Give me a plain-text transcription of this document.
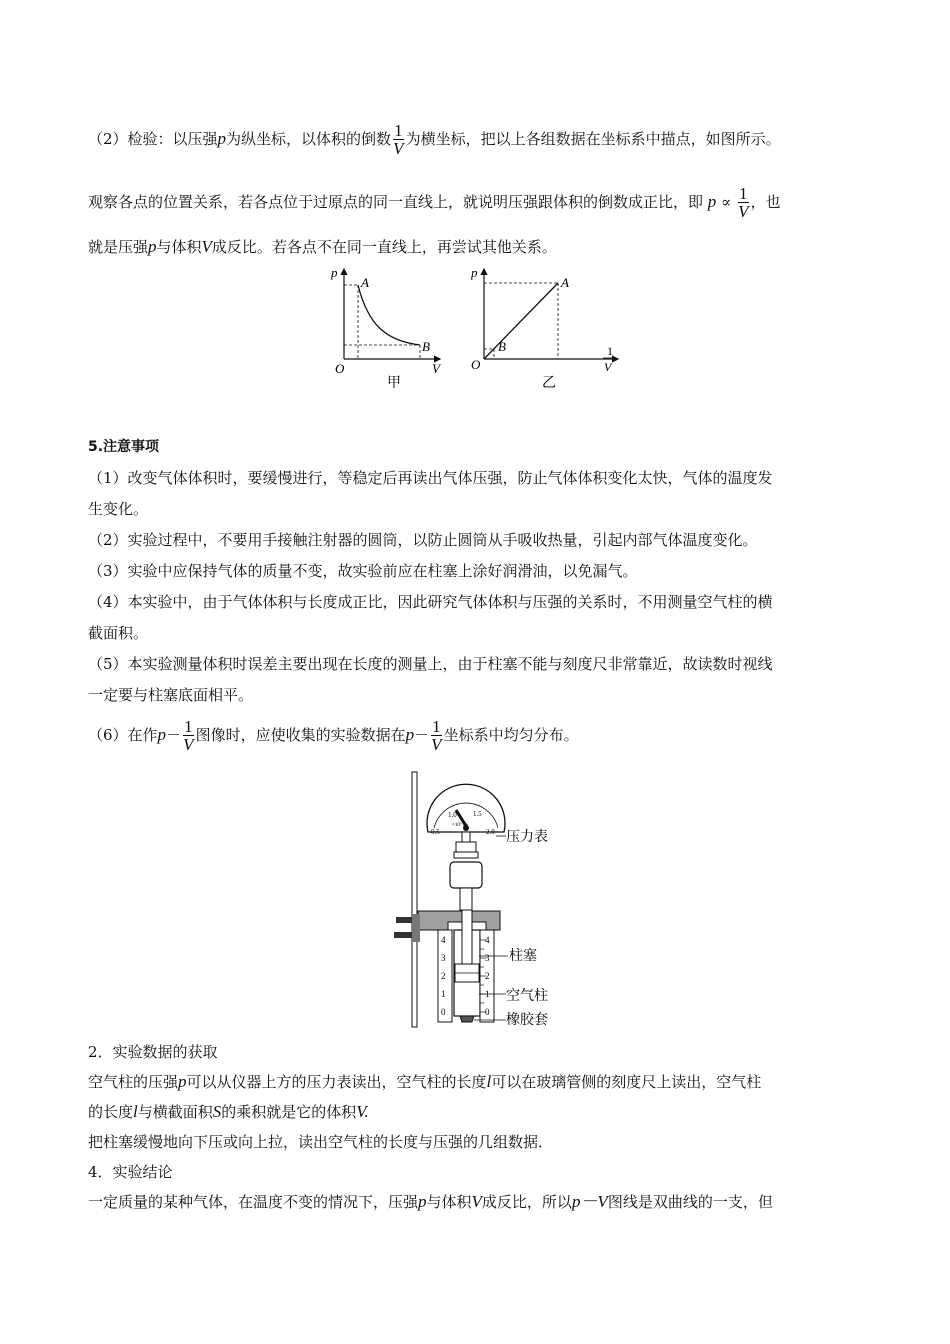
（2）检验：以压强p为纵坐标，以体积的倒数 $\frac{1}{V}$ 为横坐标，把以上各组数据在坐标系中描点，如图所示。
观察各点的位置关系，若各点位于过原点的同一直线上，就说明压强跟体积的倒数成正比，即 $p \propto \frac{1}{V}$ ，也
就是压强p与体积V成反比。若各点不在同一直线上，再尝试其他关系。
p
V
O
A
B
甲
p
1
V
O
A
B
乙
5.注意事项
（1）改变气体体积时，要缓慢进行，等稳定后再读出气体压强，防止气体体积变化太快，气体的温度发
生变化。
（2）实验过程中，不要用手接触注射器的圆筒，以防止圆筒从手吸收热量，引起内部气体温度变化。
（3）实验中应保持气体的质量不变，故实验前应在柱塞上涂好润滑油，以免漏气。
（4）本实验中，由于气体体积与长度成正比，因此研究气体体积与压强的关系时，不用测量空气柱的横
截面积。
（5）本实验测量体积时误差主要出现在长度的测量上，由于柱塞不能与刻度尺非常靠近，故读数时视线
一定要与柱塞底面相平。
（6）在作$p- \frac{1}{V}$ 图像时，应使收集的实验数据在$p- \frac{1}{V}$ 坐标系中均匀分布。
0.5
1.0 1.5
2.0
×10⁵ Pa
4
3
2
1
0
4
3
2
1
0
压力表
柱塞
空气柱
橡胶套
2．实验数据的获取
空气柱的压强p可以从仪器上方的压力表读出，空气柱的长度l可以在玻璃管侧的刻度尺上读出，空气柱
的长度l与横截面积S的乘积就是它的体积V.
把柱塞缓慢地向下压或向上拉，读出空气柱的长度与压强的几组数据．
4．实验结论
一定质量的某种气体，在温度不变的情况下，压强p与体积V成反比，所以p－V图线是双曲线的一支，但
